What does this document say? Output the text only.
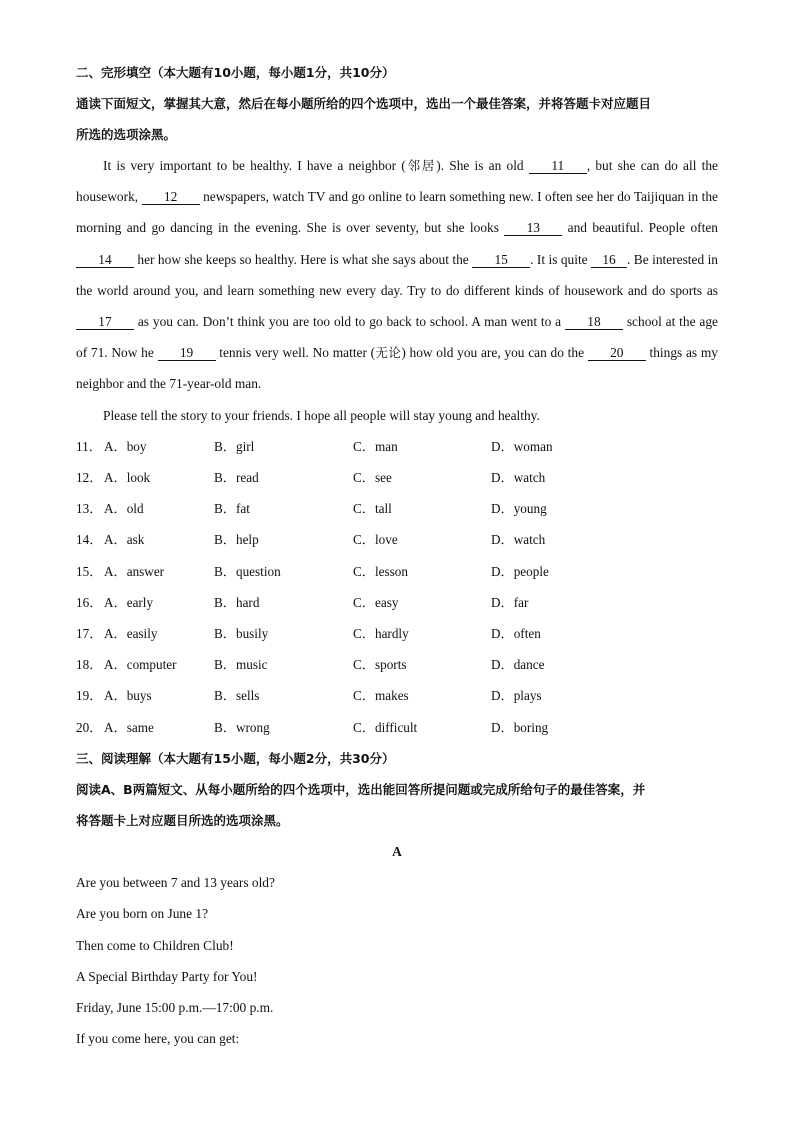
二、完形填空（本大题有10小题，每小题1分，共10分）
通读下面短文，掌握其大意，然后在每小题所给的四个选项中，选出一个最佳答案，并将答题卡对应题目
所选的选项涂黑。

It is very important to be healthy. I have a neighbor (邻居). She is an old 11 , but she can do all the housework, 12 newspapers, watch TV and go online to learn something new. I often see her do Taijiquan in the morning and go dancing in the evening. She is over seventy, but she looks 13 and beautiful. People often 14 her how she keeps so healthy. Here is what she says about the 15 . It is quite 16 . Be interested in the world around you, and learn something new every day. Try to do different kinds of housework and do sports as 17 as you can. Don’t think you are too old to go back to school. A man went to a 18 school at the age of 71. Now he 19 tennis very well. No matter (无论) how old you are, you can do the 20 things as my neighbor and the 71-year-old man.

Please tell the story to your friends. I hope all people will stay young and healthy.

11． A．boy	B．girl	C．man	D．woman
12． A．look	B．read	C．see	D．watch
13． A．old	B．fat	C．tall	D．young
14． A．ask	B．help	C．love	D．watch
15． A．answer	B．question	C．lesson	D．people
16． A．early	B．hard	C．easy	D．far
17． A．easily	B．busily	C．hardly	D．often
18． A．computer	B．music	C．sports	D．dance
19． A．buys	B．sells	C．makes	D．plays
20． A．same	B．wrong	C．difficult	D．boring
三、阅读理解（本大题有15小题，每小题2分，共30分）
阅读A、B两篇短文、从每小题所给的四个选项中，选出能回答所提问题或完成所给句子的最佳答案，并
将答题卡上对应题目所选的选项涂黑。
A
Are you between 7 and 13 years old?
Are you born on June 1?
Then come to Children Club!
A Special Birthday Party for You!
Friday, June 15:00 p.m.—17:00 p.m.
If you come here, you can get:
